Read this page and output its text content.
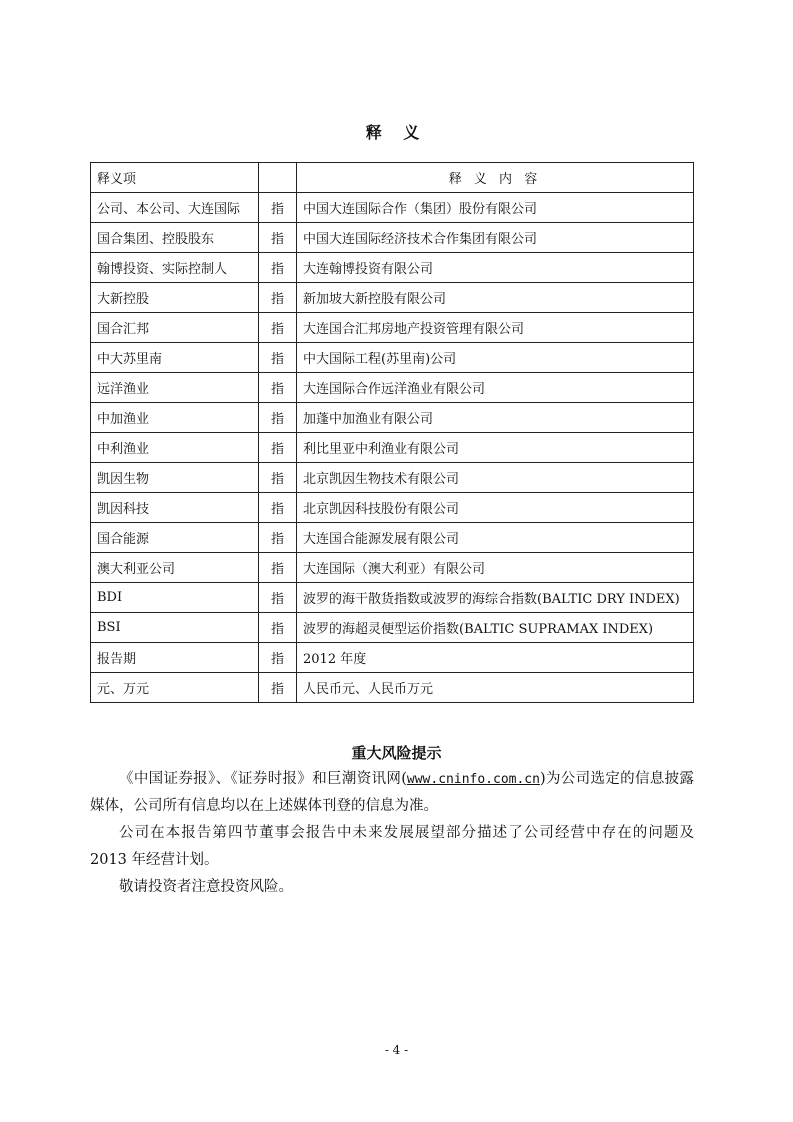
释 义
释义项		释 义 内 容
公司、本公司、大连国际	指	中国大连国际合作（集团）股份有限公司
国合集团、控股股东	指	中国大连国际经济技术合作集团有限公司
翰博投资、实际控制人	指	大连翰博投资有限公司
大新控股	指	新加坡大新控股有限公司
国合汇邦	指	大连国合汇邦房地产投资管理有限公司
中大苏里南	指	中大国际工程(苏里南)公司
远洋渔业	指	大连国际合作远洋渔业有限公司
中加渔业	指	加蓬中加渔业有限公司
中利渔业	指	利比里亚中利渔业有限公司
凯因生物	指	北京凯因生物技术有限公司
凯因科技	指	北京凯因科技股份有限公司
国合能源	指	大连国合能源发展有限公司
澳大利亚公司	指	大连国际（澳大利亚）有限公司
BDI	指	波罗的海干散货指数或波罗的海综合指数(BALTIC DRY INDEX)
BSI	指	波罗的海超灵便型运价指数(BALTIC SUPRAMAX INDEX)
报告期	指	2012 年度
元、万元	指	人民币元、人民币万元
重大风险提示

《中国证券报》、《证券时报》和巨潮资讯网(www.cninfo.com.cn)为公司选定的信息披露媒体，公司所有信息均以在上述媒体刊登的信息为准。

公司在本报告第四节董事会报告中未来发展展望部分描述了公司经营中存在的问题及 2013 年经营计划。

敬请投资者注意投资风险。

- 4 -
